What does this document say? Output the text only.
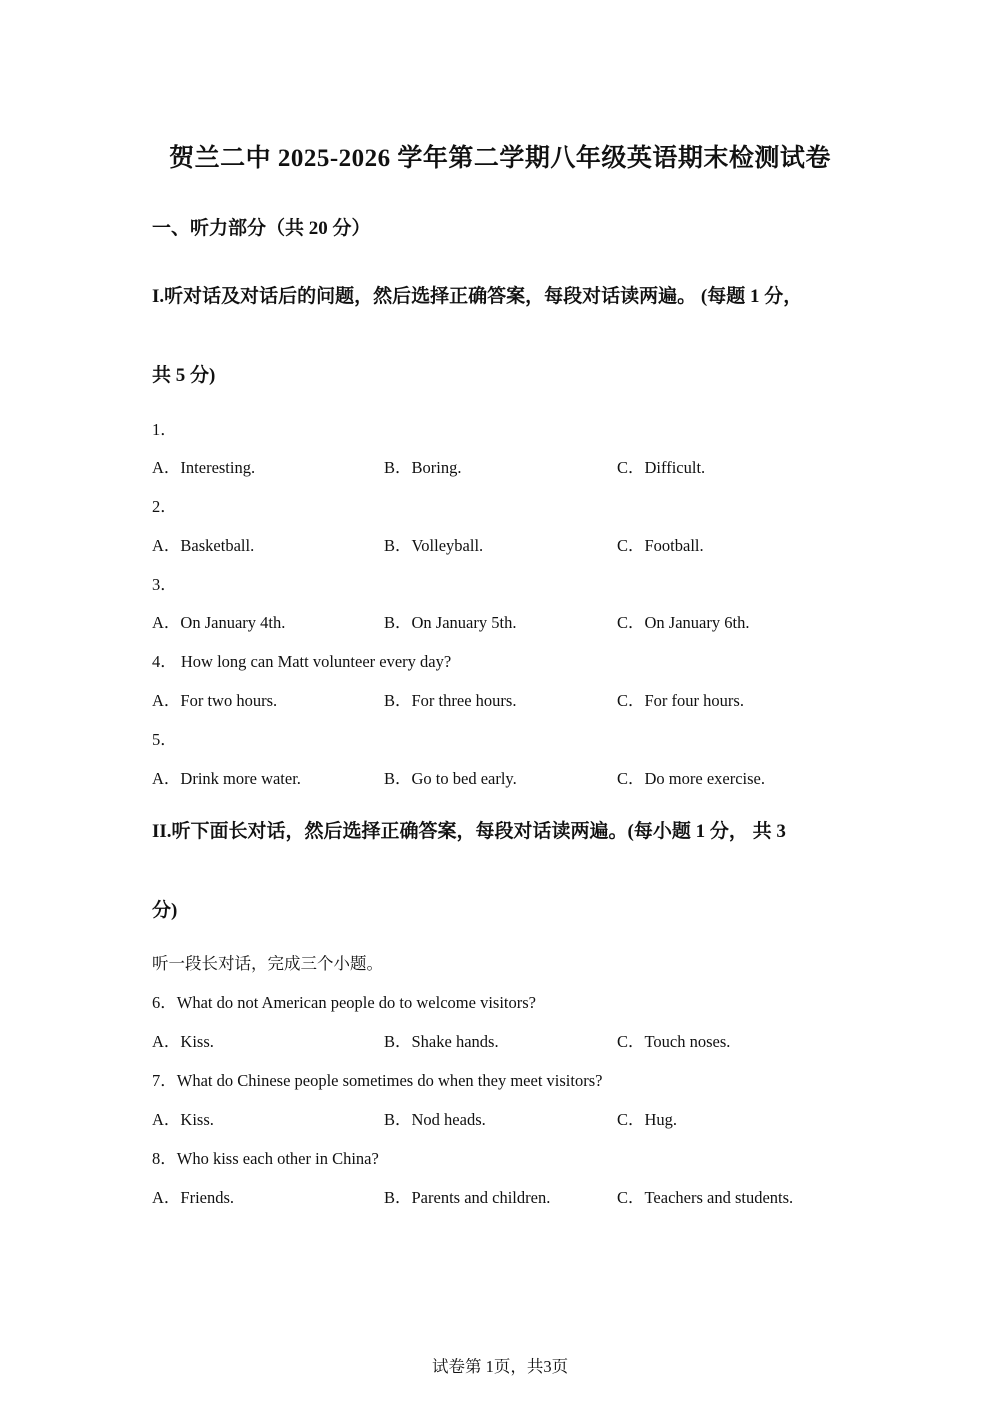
贺兰二中 2025-2026 学年第二学期八年级英语期末检测试卷
一、听力部分（共 20 分）
I.听对话及对话后的问题，然后选择正确答案，每段对话读两遍。 (每题 1 分，
共 5 分)
1．
A．Interesting.	B．Boring.	C．Difficult.
2．
A．Basketball.	B．Volleyball.	C．Football.
3．
A．On January 4th.	B．On January 5th.	C．On January 6th.
4． How long can Matt volunteer every day?
A．For two hours.	B．For three hours.	C．For four hours.
5．
A．Drink more water.	B．Go to bed early.	C．Do more exercise.
II.听下面长对话，然后选择正确答案，每段对话读两遍。(每小题 1 分， 共 3
分)
听一段长对话，完成三个小题。
6．What do not American people do to welcome visitors?
A．Kiss.	B．Shake hands.	C．Touch noses.
7．What do Chinese people sometimes do when they meet visitors?
A．Kiss.	B．Nod heads.	C．Hug.
8．Who kiss each other in China?
A．Friends.	B．Parents and children.	C．Teachers and students.
试卷第 1页，共3页
